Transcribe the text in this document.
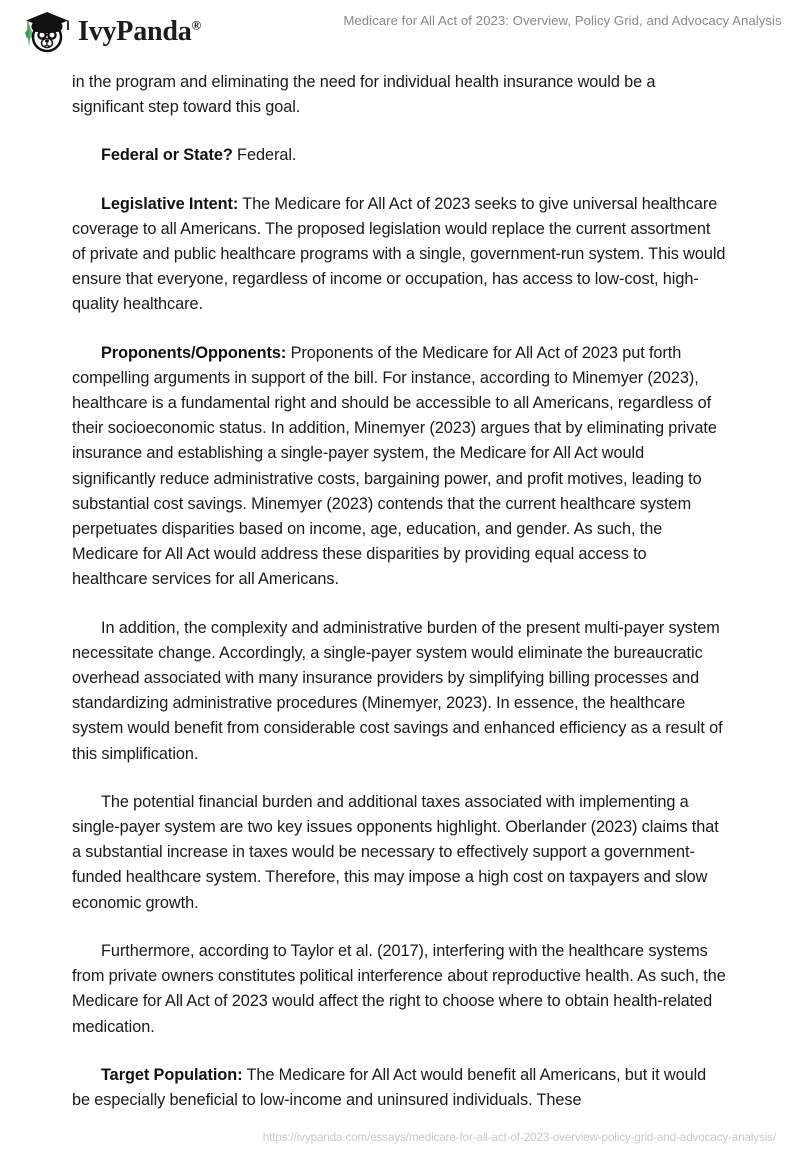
IvyPanda®	Medicare for All Act of 2023: Overview, Policy Grid, and Advocacy Analysis

in the program and eliminating the need for individual health insurance would be a significant step toward this goal.

Federal or State? Federal.

Legislative Intent: The Medicare for All Act of 2023 seeks to give universal healthcare coverage to all Americans. The proposed legislation would replace the current assortment of private and public healthcare programs with a single, government-run system. This would ensure that everyone, regardless of income or occupation, has access to low-cost, high-quality healthcare.

Proponents/Opponents: Proponents of the Medicare for All Act of 2023 put forth compelling arguments in support of the bill. For instance, according to Minemyer (2023), healthcare is a fundamental right and should be accessible to all Americans, regardless of their socioeconomic status. In addition, Minemyer (2023) argues that by eliminating private insurance and establishing a single-payer system, the Medicare for All Act would significantly reduce administrative costs, bargaining power, and profit motives, leading to substantial cost savings. Minemyer (2023) contends that the current healthcare system perpetuates disparities based on income, age, education, and gender. As such, the Medicare for All Act would address these disparities by providing equal access to healthcare services for all Americans.

In addition, the complexity and administrative burden of the present multi-payer system necessitate change. Accordingly, a single-payer system would eliminate the bureaucratic overhead associated with many insurance providers by simplifying billing processes and standardizing administrative procedures (Minemyer, 2023). In essence, the healthcare system would benefit from considerable cost savings and enhanced efficiency as a result of this simplification.

The potential financial burden and additional taxes associated with implementing a single-payer system are two key issues opponents highlight. Oberlander (2023) claims that a substantial increase in taxes would be necessary to effectively support a government-funded healthcare system. Therefore, this may impose a high cost on taxpayers and slow economic growth.

Furthermore, according to Taylor et al. (2017), interfering with the healthcare systems from private owners constitutes political interference about reproductive health. As such, the Medicare for All Act of 2023 would affect the right to choose where to obtain health-related medication.

Target Population: The Medicare for All Act would benefit all Americans, but it would be especially beneficial to low-income and uninsured individuals. These

https://ivypanda.com/essays/medicare-for-all-act-of-2023-overview-policy-grid-and-advocacy-analysis/
